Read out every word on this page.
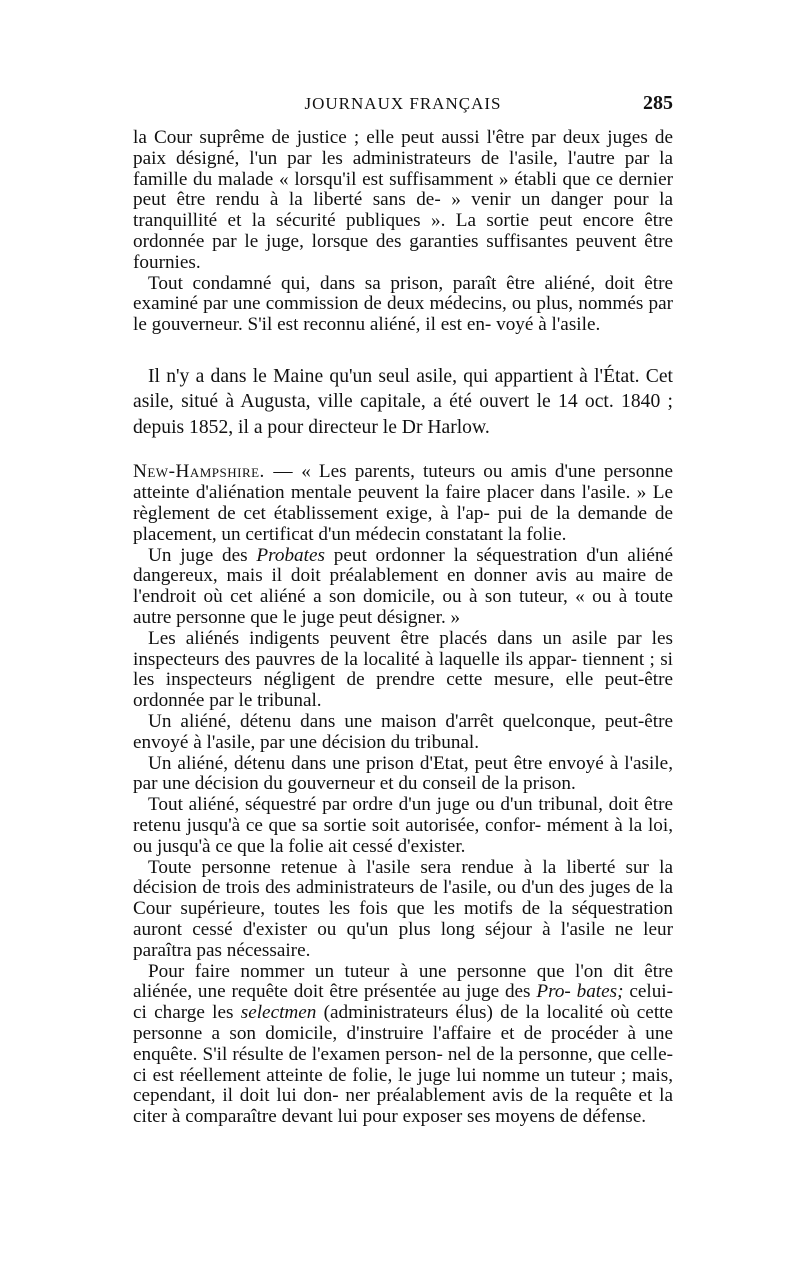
JOURNAUX FRANÇAIS	285

la Cour suprême de justice ; elle peut aussi l'être par deux juges de paix désigné, l'un par les administrateurs de l'asile, l'autre par la famille du malade « lorsqu'il est suffisamment » établi que ce dernier peut être rendu à la liberté sans de- » venir un danger pour la tranquillité et la sécurité publiques ». La sortie peut encore être ordonnée par le juge, lorsque des garanties suffisantes peuvent être fournies.

Tout condamné qui, dans sa prison, paraît être aliéné, doit être examiné par une commission de deux médecins, ou plus, nommés par le gouverneur. S'il est reconnu aliéné, il est en- voyé à l'asile.

Il n'y a dans le Maine qu'un seul asile, qui appartient à l'État. Cet asile, situé à Augusta, ville capitale, a été ouvert le 14 oct. 1840 ; depuis 1852, il a pour directeur le Dr Harlow.

New-Hampshire. — « Les parents, tuteurs ou amis d'une personne atteinte d'aliénation mentale peuvent la faire placer dans l'asile. » Le règlement de cet établissement exige, à l'ap- pui de la demande de placement, un certificat d'un médecin constatant la folie.

Un juge des Probates peut ordonner la séquestration d'un aliéné dangereux, mais il doit préalablement en donner avis au maire de l'endroit où cet aliéné a son domicile, ou à son tuteur, « ou à toute autre personne que le juge peut désigner. »

Les aliénés indigents peuvent être placés dans un asile par les inspecteurs des pauvres de la localité à laquelle ils appar- tiennent ; si les inspecteurs négligent de prendre cette mesure, elle peut-être ordonnée par le tribunal.

Un aliéné, détenu dans une maison d'arrêt quelconque, peut-être envoyé à l'asile, par une décision du tribunal.

Un aliéné, détenu dans une prison d'Etat, peut être envoyé à l'asile, par une décision du gouverneur et du conseil de la prison.

Tout aliéné, séquestré par ordre d'un juge ou d'un tribunal, doit être retenu jusqu'à ce que sa sortie soit autorisée, confor- mément à la loi, ou jusqu'à ce que la folie ait cessé d'exister.

Toute personne retenue à l'asile sera rendue à la liberté sur la décision de trois des administrateurs de l'asile, ou d'un des juges de la Cour supérieure, toutes les fois que les motifs de la séquestration auront cessé d'exister ou qu'un plus long séjour à l'asile ne leur paraîtra pas nécessaire.

Pour faire nommer un tuteur à une personne que l'on dit être aliénée, une requête doit être présentée au juge des Pro- bates; celui-ci charge les selectmen (administrateurs élus) de la localité où cette personne a son domicile, d'instruire l'affaire et de procéder à une enquête. S'il résulte de l'examen person- nel de la personne, que celle-ci est réellement atteinte de folie, le juge lui nomme un tuteur ; mais, cependant, il doit lui don- ner préalablement avis de la requête et la citer à comparaître devant lui pour exposer ses moyens de défense.
